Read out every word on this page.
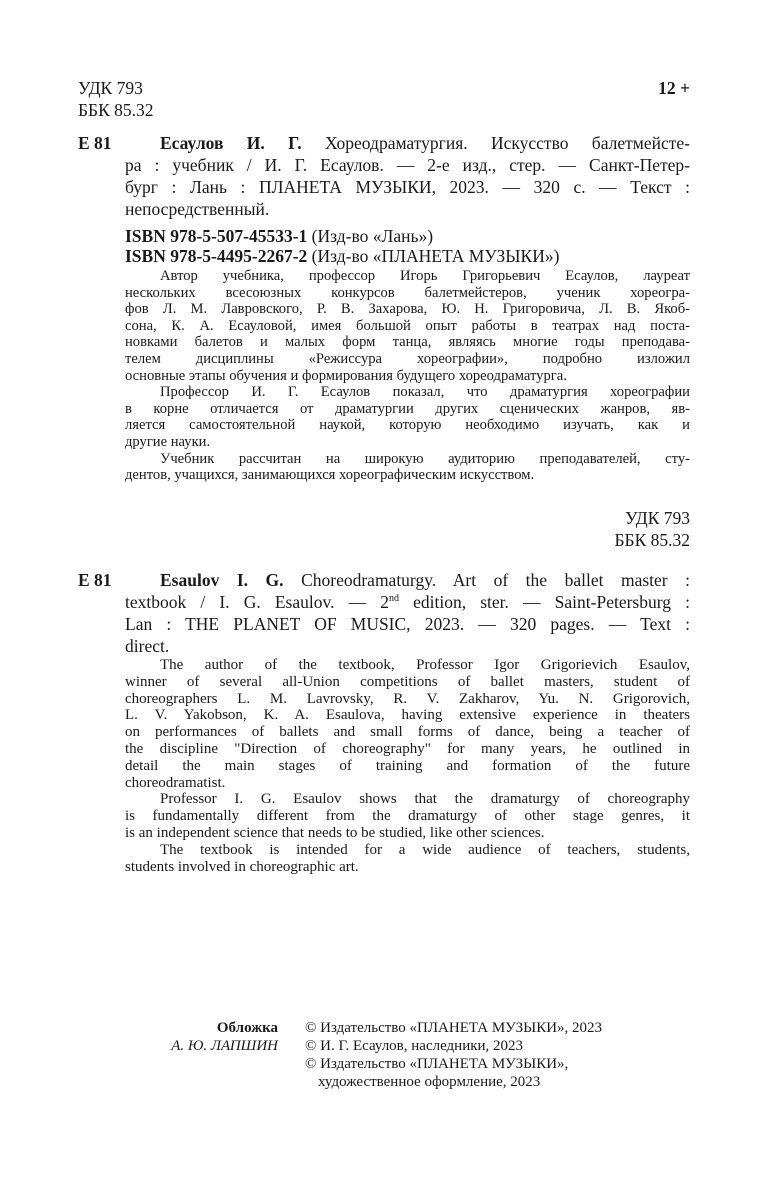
УДК 793
ББК 85.32
12 +
Е 81	Есаулов И. Г. Хореодраматургия. Искусство балетмейсте-
ра : учебник / И. Г. Есаулов. — 2-е изд., стер. — Санкт-Петер-
бург : Лань : ПЛАНЕТА МУЗЫКИ, 2023. — 320 с. — Текст :
непосредственный.
ISBN 978-5-507-45533-1 (Изд-во «Лань»)
ISBN 978-5-4495-2267-2 (Изд-во «ПЛАНЕТА МУЗЫКИ»)
Автор учебника, профессор Игорь Григорьевич Есаулов, лауреат
нескольких всесоюзных конкурсов балетмейстеров, ученик хореогра-
фов Л. М. Лавровского, Р. В. Захарова, Ю. Н. Григоровича, Л. В. Якоб-
сона, К. А. Есауловой, имея большой опыт работы в театрах над поста-
новками балетов и малых форм танца, являясь многие годы преподава-
телем дисциплины «Режиссура хореографии», подробно изложил
основные этапы обучения и формирования будущего хореодраматурга.
Профессор И. Г. Есаулов показал, что драматургия хореографии
в корне отличается от драматургии других сценических жанров, яв-
ляется самостоятельной наукой, которую необходимо изучать, как и
другие науки.
Учебник рассчитан на широкую аудиторию преподавателей, сту-
дентов, учащихся, занимающихся хореографическим искусством.
УДК 793
ББК 85.32
Е 81	Esaulov I. G. Choreodramaturgy. Art of the ballet master :
textbook / I. G. Esaulov. — 2nd edition, ster. — Saint-Petersburg :
Lan : THE PLANET OF MUSIC, 2023. — 320 pages. — Text :
direct.
The author of the textbook, Professor Igor Grigorievich Esaulov,
winner of several all-Union competitions of ballet masters, student of
choreographers L. M. Lavrovsky, R. V. Zakharov, Yu. N. Grigorovich,
L. V. Yakobson, K. A. Esaulova, having extensive experience in theaters
on performances of ballets and small forms of dance, being a teacher of
the discipline "Direction of choreography" for many years, he outlined in
detail the main stages of training and formation of the future
choreodramatist.
Professor I. G. Esaulov shows that the dramaturgy of choreography
is fundamentally different from the dramaturgy of other stage genres, it
is an independent science that needs to be studied, like other sciences.
The textbook is intended for a wide audience of teachers, students,
students involved in choreographic art.
Обложка
А. Ю. ЛАПШИН
© Издательство «ПЛАНЕТА МУЗЫКИ», 2023
© И. Г. Есаулов, наследники, 2023
© Издательство «ПЛАНЕТА МУЗЫКИ»,
художественное оформление, 2023
